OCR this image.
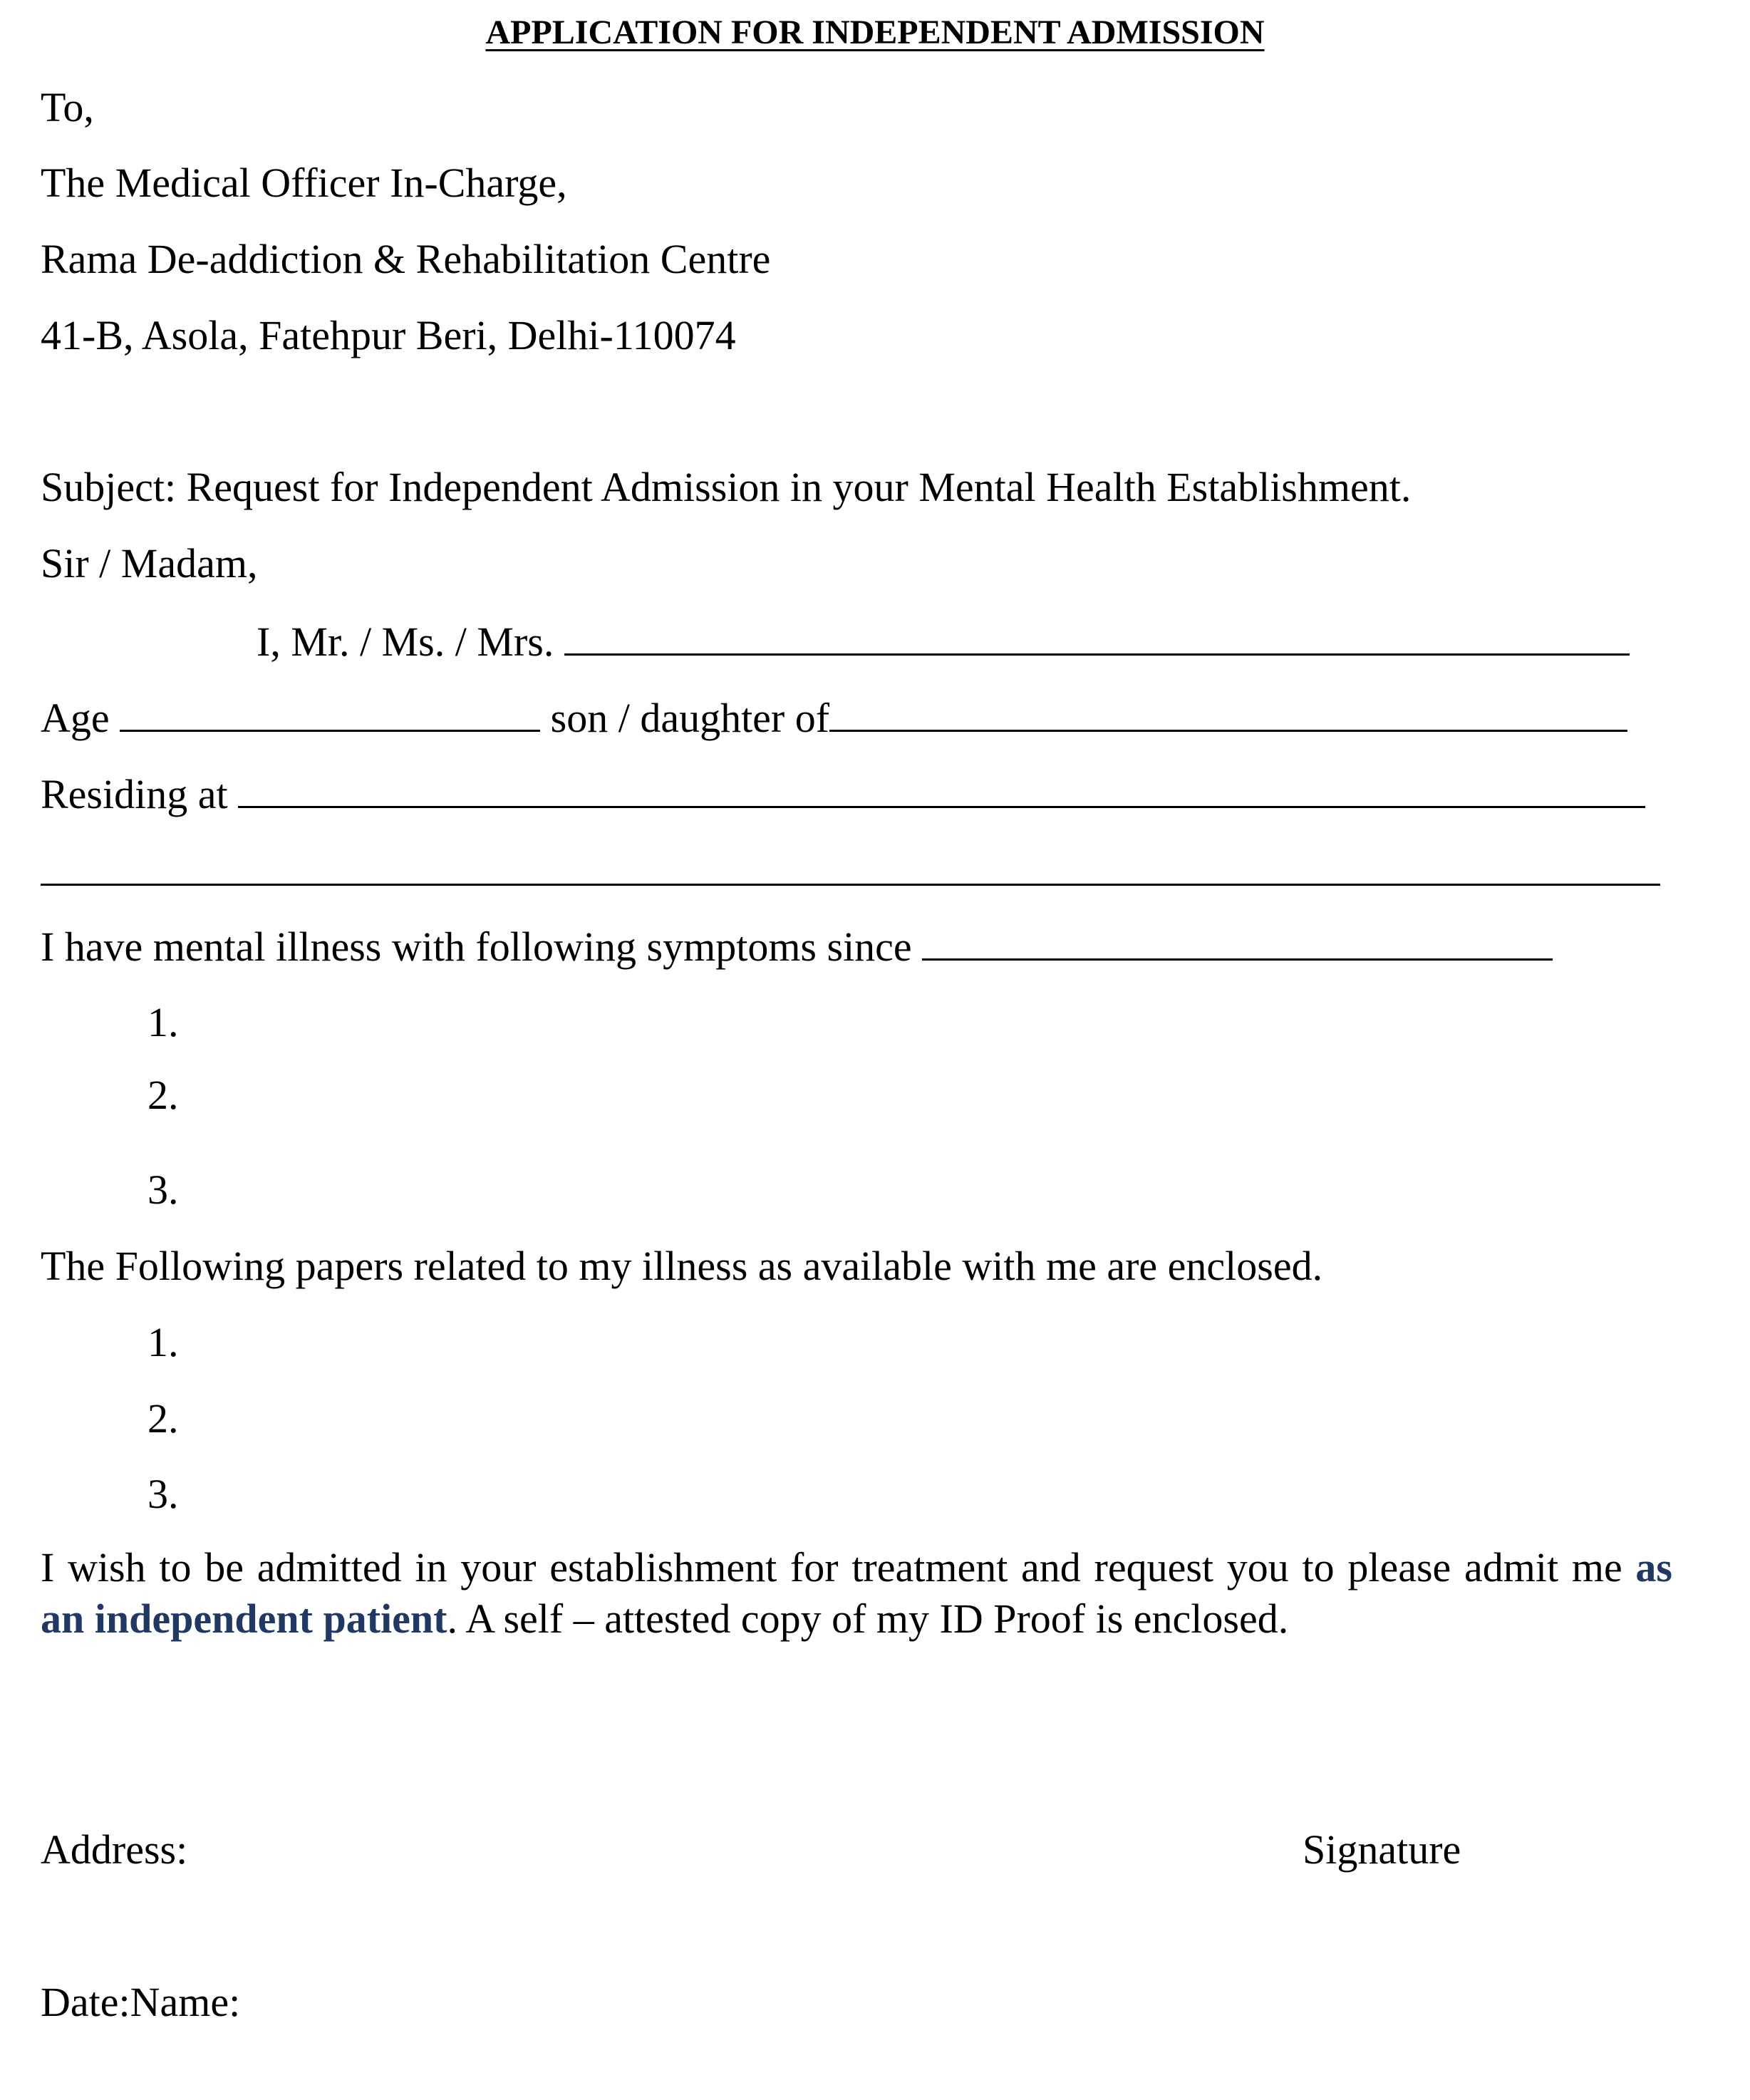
APPLICATION FOR INDEPENDENT ADMISSION
To,
The Medical Officer In-Charge,
Rama De-addiction & Rehabilitation Centre
41-B, Asola, Fatehpur Beri, Delhi-110074
Subject: Request for Independent Admission in your Mental Health Establishment.
Sir / Madam,
I, Mr. / Ms. / Mrs.
Age	son / daughter of
Residing at
I have mental illness with following symptoms since
1.
2.
3.
The Following papers related to my illness as available with me are enclosed.
1.
2.
3.
I wish to be admitted in your establishment for treatment and request you to please admit me as an independent patient. A self – attested copy of my ID Proof is enclosed.
Address:	Signature
Date:Name:
